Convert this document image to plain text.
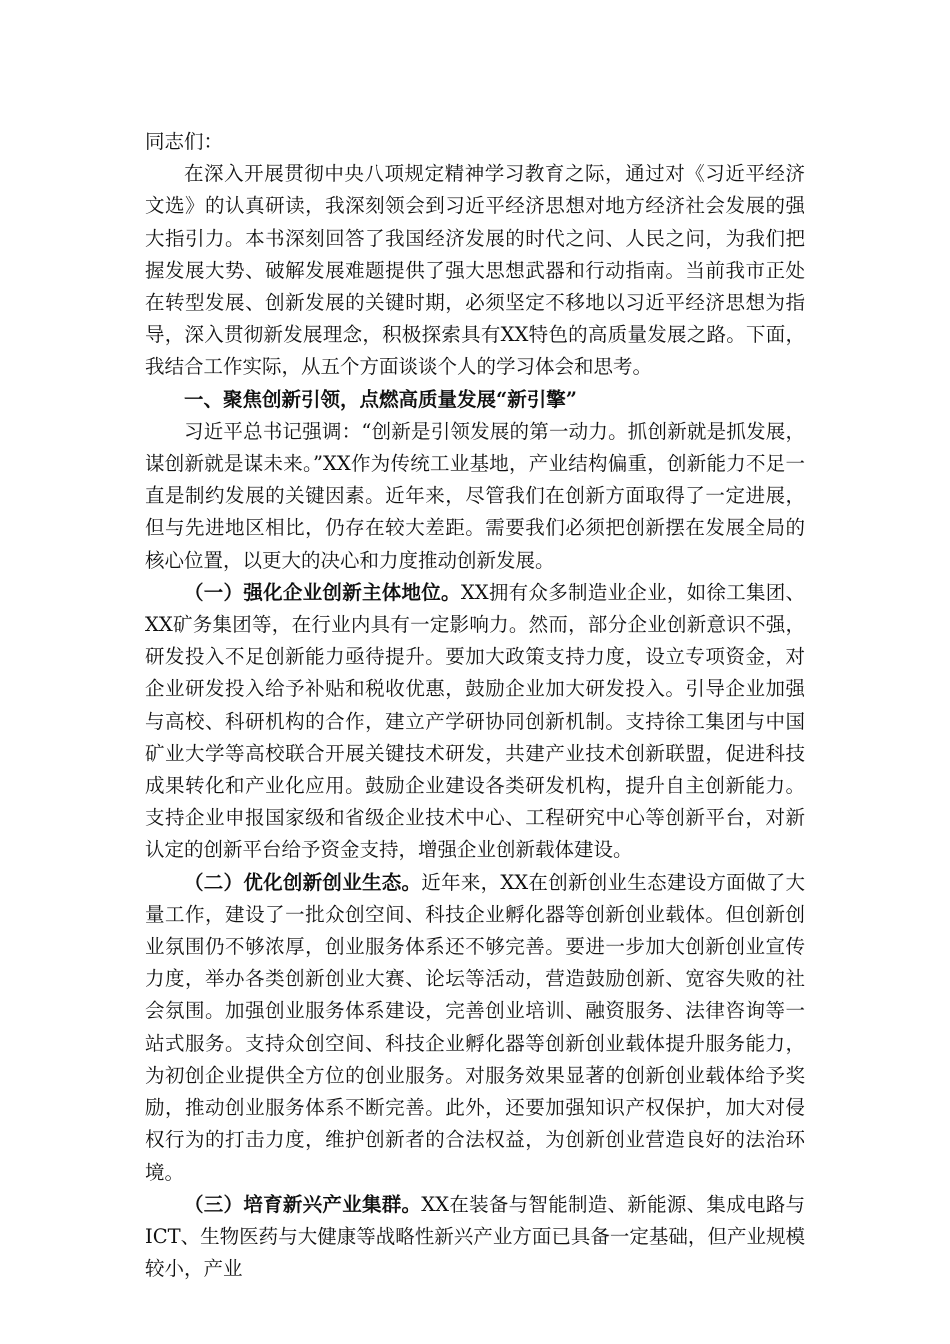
同志们：

在深入开展贯彻中央八项规定精神学习教育之际，通过对《习近平经济文选》的认真研读，我深刻领会到习近平经济思想对地方经济社会发展的强大指引力。本书深刻回答了我国经济发展的时代之问、人民之问，为我们把握发展大势、破解发展难题提供了强大思想武器和行动指南。当前我市正处在转型发展、创新发展的关键时期，必须坚定不移地以习近平经济思想为指导，深入贯彻新发展理念，积极探索具有XX特色的高质量发展之路。下面，我结合工作实际，从五个方面谈谈个人的学习体会和思考。

一、聚焦创新引领，点燃高质量发展“新引擎”

习近平总书记强调：“创新是引领发展的第一动力。抓创新就是抓发展，谋创新就是谋未来。”XX作为传统工业基地，产业结构偏重，创新能力不足一直是制约发展的关键因素。近年来，尽管我们在创新方面取得了一定进展，但与先进地区相比，仍存在较大差距。需要我们必须把创新摆在发展全局的核心位置，以更大的决心和力度推动创新发展。

（一）强化企业创新主体地位。XX拥有众多制造业企业，如徐工集团、XX矿务集团等，在行业内具有一定影响力。然而，部分企业创新意识不强，研发投入不足创新能力亟待提升。要加大政策支持力度，设立专项资金，对企业研发投入给予补贴和税收优惠，鼓励企业加大研发投入。引导企业加强与高校、科研机构的合作，建立产学研协同创新机制。支持徐工集团与中国矿业大学等高校联合开展关键技术研发，共建产业技术创新联盟，促进科技成果转化和产业化应用。鼓励企业建设各类研发机构，提升自主创新能力。支持企业申报国家级和省级企业技术中心、工程研究中心等创新平台，对新认定的创新平台给予资金支持，增强企业创新载体建设。

（二）优化创新创业生态。近年来，XX在创新创业生态建设方面做了大量工作，建设了一批众创空间、科技企业孵化器等创新创业载体。但创新创业氛围仍不够浓厚，创业服务体系还不够完善。要进一步加大创新创业宣传力度，举办各类创新创业大赛、论坛等活动，营造鼓励创新、宽容失败的社会氛围。加强创业服务体系建设，完善创业培训、融资服务、法律咨询等一站式服务。支持众创空间、科技企业孵化器等创新创业载体提升服务能力，为初创企业提供全方位的创业服务。对服务效果显著的创新创业载体给予奖励，推动创业服务体系不断完善。此外，还要加强知识产权保护，加大对侵权行为的打击力度，维护创新者的合法权益，为创新创业营造良好的法治环境。

（三）培育新兴产业集群。XX在装备与智能制造、新能源、集成电路与ICT、生物医药与大健康等战略性新兴产业方面已具备一定基础，但产业规模较小，产业
